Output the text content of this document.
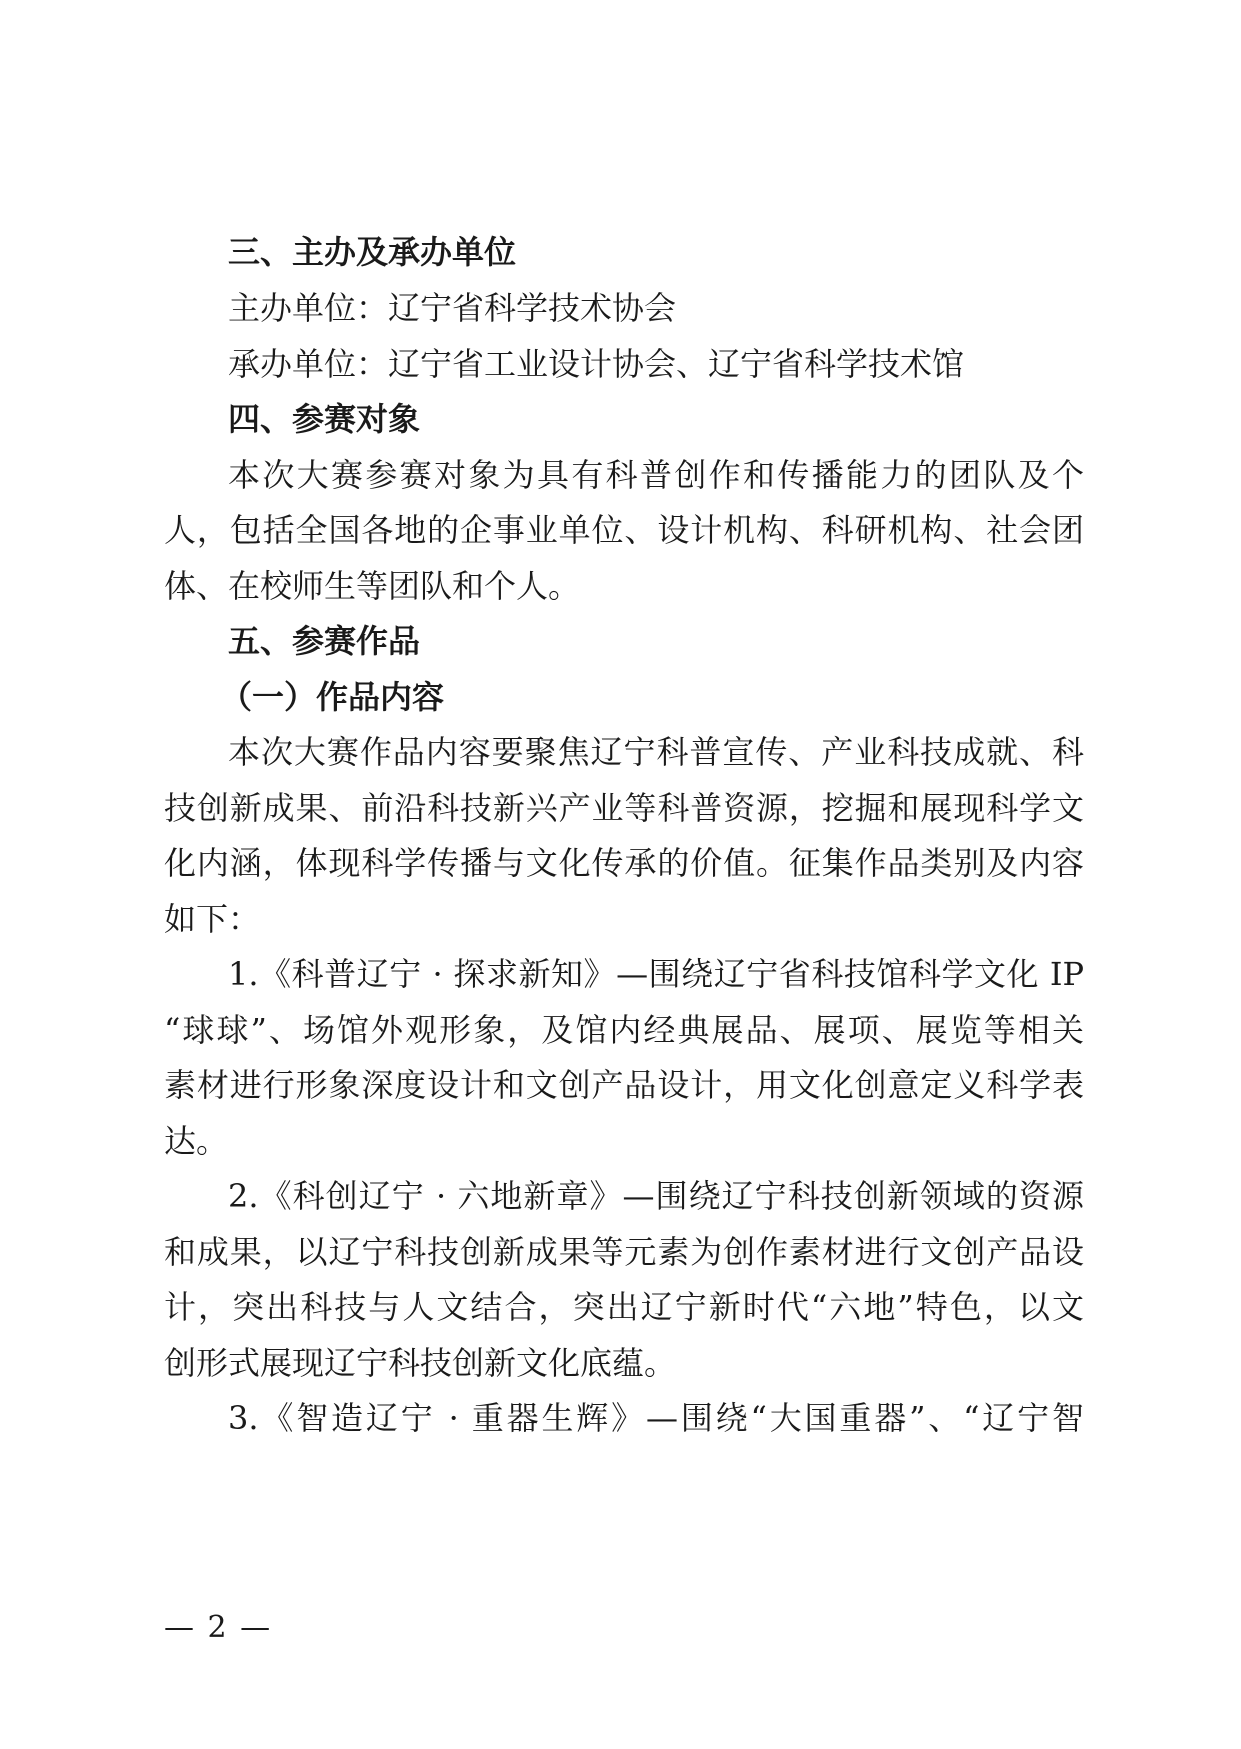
三、主办及承办单位
主办单位：辽宁省科学技术协会
承办单位：辽宁省工业设计协会、辽宁省科学技术馆
四、参赛对象
本次大赛参赛对象为具有科普创作和传播能力的团队及个
人，包括全国各地的企事业单位、设计机构、科研机构、社会团
体、在校师生等团队和个人。
五、参赛作品
（一）作品内容
本次大赛作品内容要聚焦辽宁科普宣传、产业科技成就、科
技创新成果、前沿科技新兴产业等科普资源，挖掘和展现科学文
化内涵，体现科学传播与文化传承的价值。征集作品类别及内容
如下：
1.《科普辽宁 · 探求新知》—围绕辽宁省科技馆科学文化 IP
“球球”、场馆外观形象，及馆内经典展品、展项、展览等相关
素材进行形象深度设计和文创产品设计，用文化创意定义科学表
达。
2.《科创辽宁 · 六地新章》—围绕辽宁科技创新领域的资源
和成果，以辽宁科技创新成果等元素为创作素材进行文创产品设
计，突出科技与人文结合，突出辽宁新时代“六地”特色，以文
创形式展现辽宁科技创新文化底蕴。
3.《智造辽宁 · 重器生辉》—围绕“大国重器”、“辽宁智
— 2 —
